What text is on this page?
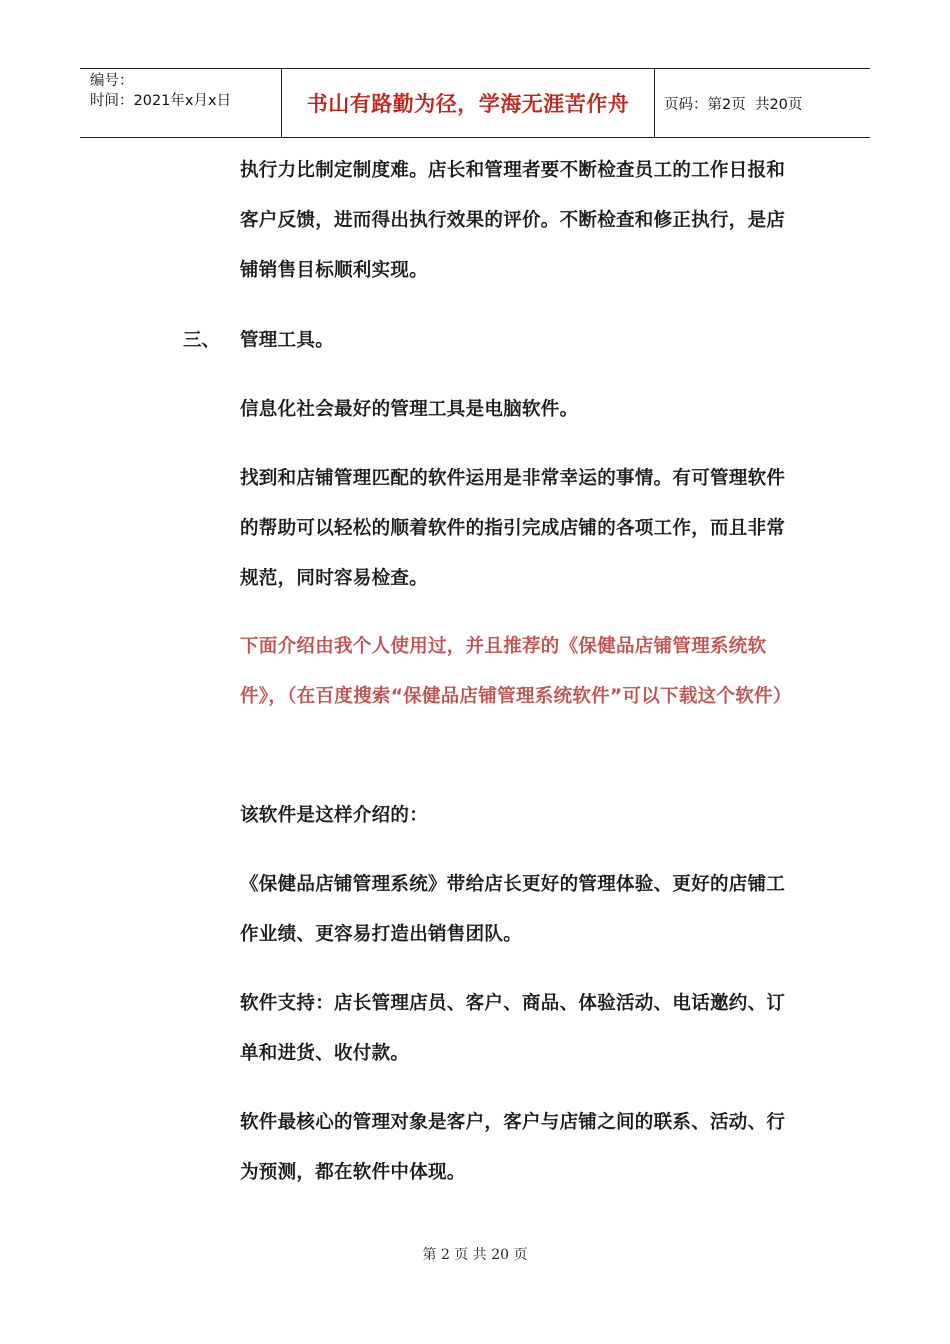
编号：
时间：2021年x月x日	书山有路勤为径，学海无涯苦作舟	页码：第2页  共20页
执行力比制定制度难。店长和管理者要不断检查员工的工作日报和客户反馈，进而得出执行效果的评价。不断检查和修正执行，是店铺销售目标顺利实现。
三、 管理工具。
信息化社会最好的管理工具是电脑软件。
找到和店铺管理匹配的软件运用是非常幸运的事情。有可管理软件的帮助可以轻松的顺着软件的指引完成店铺的各项工作，而且非常规范，同时容易检查。
下面介绍由我个人使用过，并且推荐的《保健品店铺管理系统软件》，（在百度搜索“保健品店铺管理系统软件”可以下载这个软件）
该软件是这样介绍的：
《保健品店铺管理系统》带给店长更好的管理体验、更好的店铺工作业绩、更容易打造出销售团队。
软件支持：店长管理店员、客户、商品、体验活动、电话邀约、订单和进货、收付款。
软件最核心的管理对象是客户，客户与店铺之间的联系、活动、行为预测，都在软件中体现。
第 2 页 共 20 页
